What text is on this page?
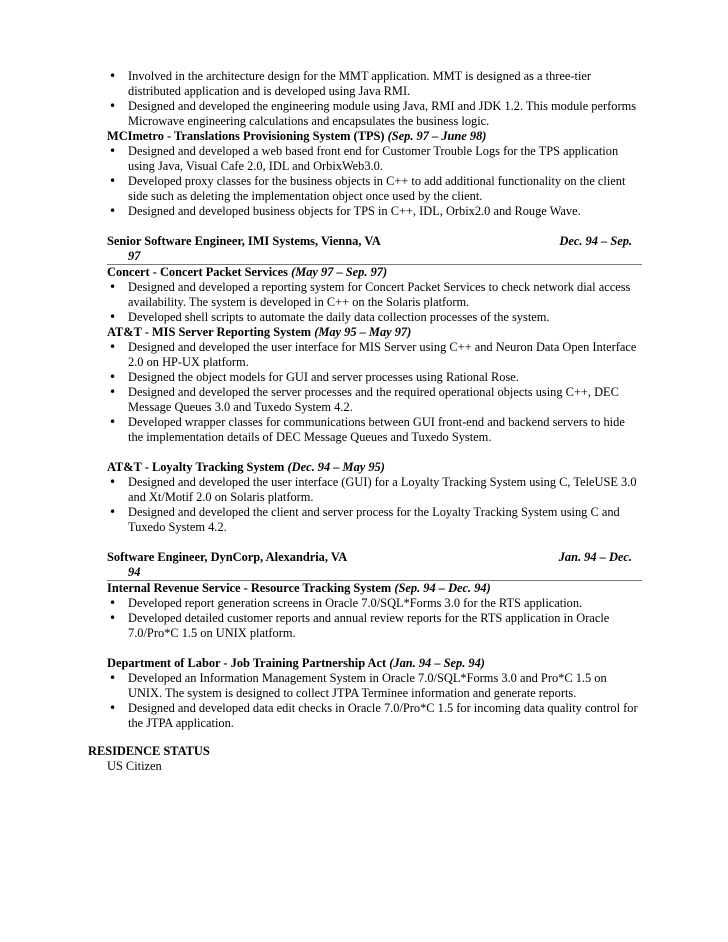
• Involved in the architecture design for the MMT application. MMT is designed as a three-tier distributed application and is developed using Java RMI.
• Designed and developed the engineering module using Java, RMI and JDK 1.2. This module performs Microwave engineering calculations and encapsulates the business logic.
MCImetro - Translations Provisioning System (TPS) (Sep. 97 – June 98)
• Designed and developed a web based front end for Customer Trouble Logs for the TPS application using Java, Visual Cafe 2.0, IDL and OrbixWeb3.0.
• Developed proxy classes for the business objects in C++ to add additional functionality on the client side such as deleting the implementation object once used by the client.
• Designed and developed business objects for TPS in C++, IDL, Orbix2.0 and Rouge Wave.
Senior Software Engineer, IMI Systems, Vienna, VA	Dec. 94 – Sep.
97
Concert - Concert Packet Services (May 97 – Sep. 97)
• Designed and developed a reporting system for Concert Packet Services to check network dial access availability. The system is developed in C++ on the Solaris platform.
• Developed shell scripts to automate the daily data collection processes of the system.
AT&T - MIS Server Reporting System (May 95 – May 97)
• Designed and developed the user interface for MIS Server using C++ and Neuron Data Open Interface 2.0 on HP-UX platform.
• Designed the object models for GUI and server processes using Rational Rose.
• Designed and developed the server processes and the required operational objects using C++, DEC Message Queues 3.0 and Tuxedo System 4.2.
• Developed wrapper classes for communications between GUI front-end and backend servers to hide the implementation details of DEC Message Queues and Tuxedo System.
AT&T - Loyalty Tracking System (Dec. 94 – May 95)
• Designed and developed the user interface (GUI) for a Loyalty Tracking System using C, TeleUSE 3.0 and Xt/Motif 2.0 on Solaris platform.
• Designed and developed the client and server process for the Loyalty Tracking System using C and Tuxedo System 4.2.
Software Engineer, DynCorp, Alexandria, VA	Jan. 94 – Dec.
94
Internal Revenue Service - Resource Tracking System (Sep. 94 – Dec. 94)
• Developed report generation screens in Oracle 7.0/SQL*Forms 3.0 for the RTS application.
• Developed detailed customer reports and annual review reports for the RTS application in Oracle 7.0/Pro*C 1.5 on UNIX platform.
Department of Labor - Job Training Partnership Act (Jan. 94 – Sep. 94)
• Developed an Information Management System in Oracle 7.0/SQL*Forms 3.0 and Pro*C 1.5 on UNIX. The system is designed to collect JTPA Terminee information and generate reports.
• Designed and developed data edit checks in Oracle 7.0/Pro*C 1.5 for incoming data quality control for the JTPA application.
RESIDENCE STATUS
US Citizen
